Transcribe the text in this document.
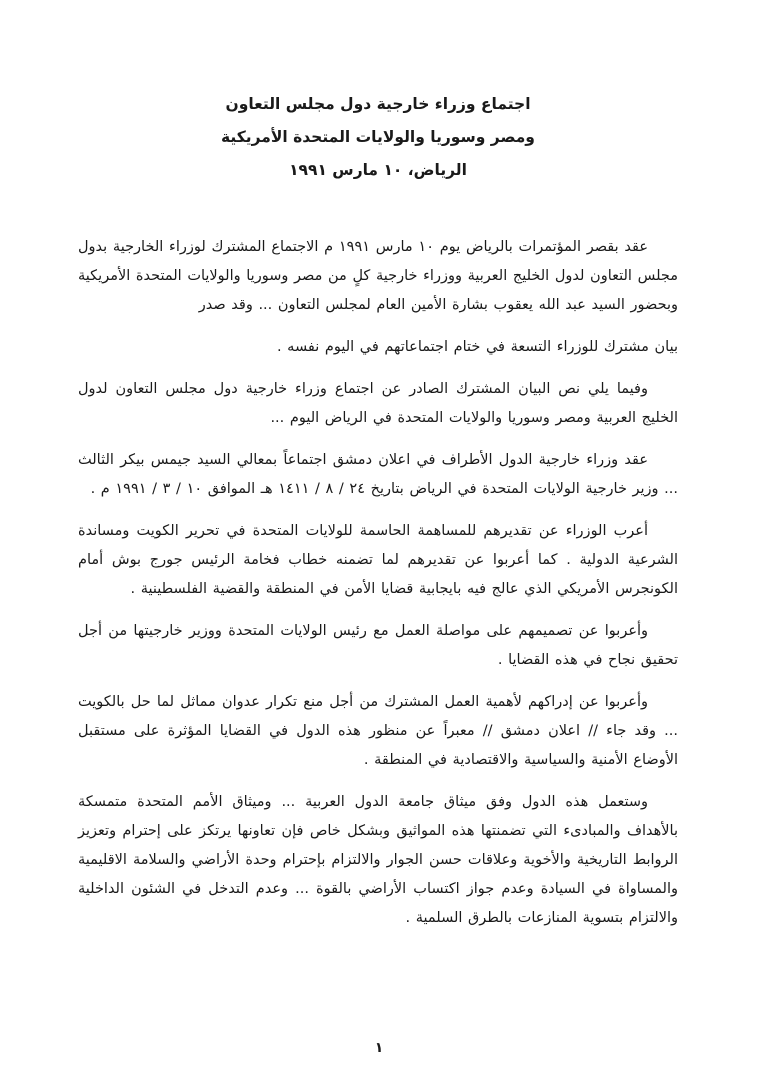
اجتماع وزراء خارجية دول مجلس التعاون
ومصر وسوريا والولايات المتحدة الأمريكية
الرياض، ١٠ مارس ١٩٩١

عقد بقصر المؤتمرات بالرياض يوم ١٠ مارس ١٩٩١ م الاجتماع المشترك لوزراء الخارجية بدول مجلس التعاون لدول الخليج العربية ووزراء خارجية كلٍ من مصر وسوريا والولايات المتحدة الأمريكية وبحضور السيد عبد الله يعقوب بشارة الأمين العام لمجلس التعاون ... وقد صدر

بيان مشترك للوزراء التسعة في ختام اجتماعاتهم في اليوم نفسه .

وفيما يلي نص البيان المشترك الصادر عن اجتماع وزراء خارجية دول مجلس التعاون لدول الخليج العربية ومصر وسوريا والولايات المتحدة في الرياض اليوم ...

عقد وزراء خارجية الدول الأطراف في اعلان دمشق اجتماعاً بمعالي السيد جيمس بيكر الثالث ... وزير خارجية الولايات المتحدة في الرياض بتاريخ ٢٤ / ٨ / ١٤١١ هـ الموافق ١٠ / ٣ / ١٩٩١ م .

أعرب الوزراء عن تقديرهم للمساهمة الحاسمة للولايات المتحدة في تحرير الكويت ومساندة الشرعية الدولية . كما أعربوا عن تقديرهم لما تضمنه خطاب فخامة الرئيس جورج بوش أمام الكونجرس الأمريكي الذي عالج فيه بايجابية قضايا الأمن في المنطقة والقضية الفلسطينية .

وأعربوا عن تصميمهم على مواصلة العمل مع رئيس الولايات المتحدة ووزير خارجيتها من أجل تحقيق نجاح في هذه القضايا .

وأعربوا عن إدراكهم لأهمية العمل المشترك من أجل منع تكرار عدوان مماثل لما حل بالكويت ... وقد جاء // اعلان دمشق // معبراً عن منظور هذه الدول في القضايا المؤثرة على مستقبل الأوضاع الأمنية والسياسية والاقتصادية في المنطقة .

وستعمل هذه الدول وفق ميثاق جامعة الدول العربية ... وميثاق الأمم المتحدة متمسكة بالأهداف والمبادىء التي تضمنتها هذه المواثيق وبشكل خاص فإن تعاونها يرتكز على إحترام وتعزيز الروابط التاريخية والأخوية وعلاقات حسن الجوار والالتزام بإحترام وحدة الأراضي والسلامة الاقليمية والمساواة في السيادة وعدم جواز اكتساب الأراضي بالقوة ... وعدم التدخل في الشئون الداخلية والالتزام بتسوية المنازعات بالطرق السلمية .

١
